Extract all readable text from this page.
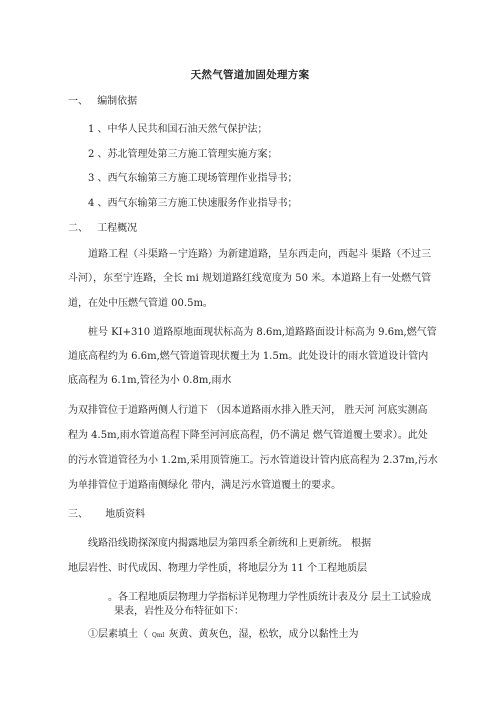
天然气管道加固处理方案
一、 编制依据
1 、中华人民共和国石油天然气保护法；
2 、苏北管理处第三方施工管理实施方案；
3 、西气东输第三方施工现场管理作业指导书；
4 、西气东输第三方施工快速服务作业指导书；
二、 工程概况
道路工程（斗渠路－宁连路）为新建道路，呈东西走向，西起斗 渠路（不过三
斗河），东至宁连路，全长 mi 规划道路红线宽度为 50 米。本道路上有一处燃气管
道，在处中压燃气管道 00.5m。
桩号 KI+310 道路原地面现状标高为 8.6m,道路路面设计标高为 9.6m,燃气管
道底高程约为 6.6m,燃气管道管现状覆土为 1.5m。此处设计的雨水管道设计管内
底高程为 6.1m,管径为小 0.8m,雨水
为双排管位于道路两侧人行道下 （因本道路雨水排入胜天河， 胜天河 河底实测高
程为 4.5m,雨水管道高程下降至河河底高程，仍不满足 燃气管道覆土要求）。此处
的污水管道管径为小 1.2m,采用顶管施工。污水管道设计管内底高程为 2.37m,污水
为单排管位于道路南侧绿化 带内，满足污水管道覆土的要求。
三、 地质资料
线路沿线勘探深度内揭露地层为第四系全新统和上更新统。 根据
地层岩性、时代成因、物理力学性质，将地层分为 11 个工程地质层
。各工程地质层物理力学指标详见物理力学性质统计表及分 层土工试验成
果表，岩性及分布特征如下：
①层素填土（ Qml 灰黄、黄灰色，湿，松软，成分以黏性土为
